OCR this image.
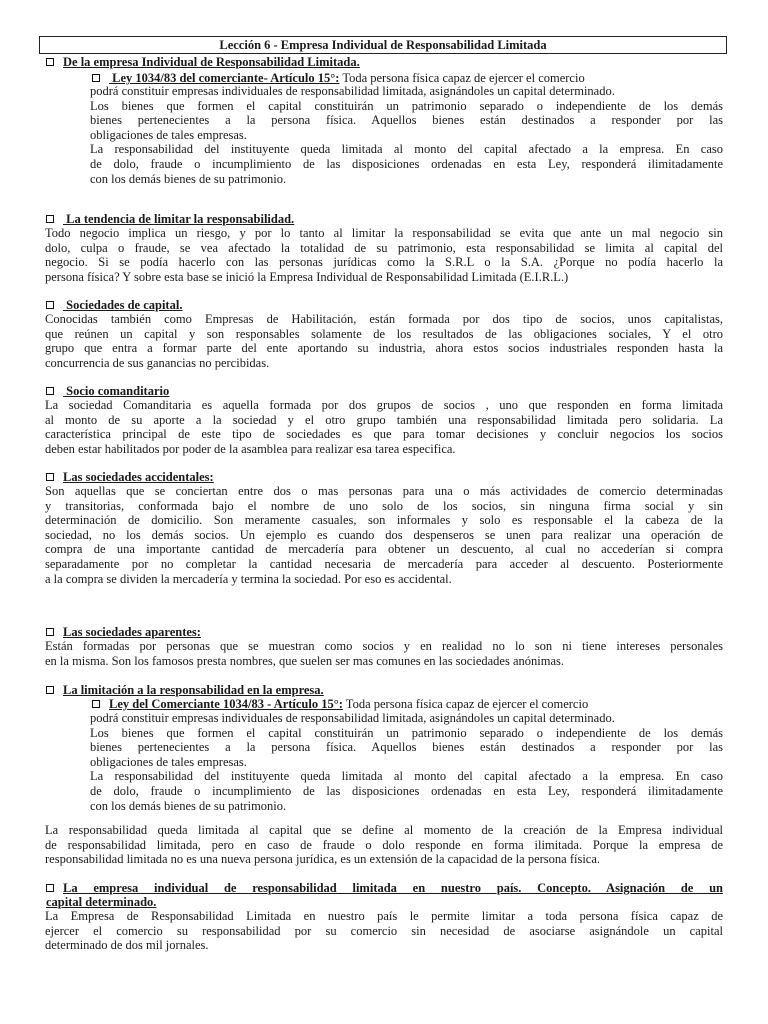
Lección 6 - Empresa Individual de Responsabilidad Limitada
De la empresa Individual de Responsabilidad Limitada.
Ley 1034/83 del comerciante- Artículo 15°: Toda persona física capaz de ejercer el comercio
podrá constituir empresas individuales de responsabilidad limitada, asignándoles un capital determinado.
Los bienes que formen el capital constituirán un patrimonio separado o independiente de los demás
bienes pertenecientes a la persona física. Aquellos bienes están destinados a responder por las
obligaciones de tales empresas.
La responsabilidad del instituyente queda limitada al monto del capital afectado a la empresa. En caso
de dolo, fraude o incumplimiento de las disposiciones ordenadas en esta Ley, responderá ilimitadamente
con los demás bienes de su patrimonio.
La tendencia de limitar la responsabilidad.
Todo negocio implica un riesgo, y por lo tanto al limitar la responsabilidad se evita que ante un mal negocio sin
dolo, culpa o fraude, se vea afectado la totalidad de su patrimonio, esta responsabilidad se limita al capital del
negocio. Si se podía hacerlo con las personas jurídicas como la S.R.L o la S.A. ¿Porque no podía hacerlo la
persona física? Y sobre esta base se inició la Empresa Individual de Responsabilidad Limitada (E.I.R.L.)
Sociedades de capital.
Conocidas también como Empresas de Habilitación, están formada por dos tipo de socios, unos capitalistas,
que reúnen un capital y son responsables solamente de los resultados de las obligaciones sociales, Y el otro
grupo que entra a formar parte del ente aportando su industria, ahora estos socios industriales responden hasta la
concurrencia de sus ganancias no percibidas.
Socio comanditario
La sociedad Comanditaria es aquella formada por dos grupos de socios , uno que responden en forma limitada
al monto de su aporte a la sociedad y el otro grupo también una responsabilidad limitada pero solidaria. La
característica principal de este tipo de sociedades es que para tomar decisiones y concluir negocios los socios
deben estar habilitados por poder de la asamblea para realizar esa tarea especifica.
Las sociedades accidentales:
Son aquellas que se conciertan entre dos o mas personas para una o más actividades de comercio determinadas
y transitorias, conformada bajo el nombre de uno solo de los socios, sin ninguna firma social y sin
determinación de domicilio. Son meramente casuales, son informales y solo es responsable el la cabeza de la
sociedad, no los demás socios. Un ejemplo es cuando dos despenseros se unen para realizar una operación de
compra de una importante cantidad de mercadería para obtener un descuento, al cual no accederían si compra
separadamente por no completar la cantidad necesaria de mercadería para acceder al descuento. Posteriormente
a la compra se dividen la mercadería y termina la sociedad. Por eso es accidental.
Las sociedades aparentes:
Están formadas por personas que se muestran como socios y en realidad no lo son ni tiene intereses personales
en la misma. Son los famosos presta nombres, que suelen ser mas comunes en las sociedades anónimas.
La limitación a la responsabilidad en la empresa.
Ley del Comerciante 1034/83 - Artículo 15°: Toda persona física capaz de ejercer el comercio
podrá constituir empresas individuales de responsabilidad limitada, asignándoles un capital determinado.
Los bienes que formen el capital constituirán un patrimonio separado o independiente de los demás
bienes pertenecientes a la persona física. Aquellos bienes están destinados a responder por las
obligaciones de tales empresas.
La responsabilidad del instituyente queda limitada al monto del capital afectado a la empresa. En caso
de dolo, fraude o incumplimiento de las disposiciones ordenadas en esta Ley, responderá ilimitadamente
con los demás bienes de su patrimonio.
La responsabilidad queda limitada al capital que se define al momento de la creación de la Empresa individual
de responsabilidad limitada, pero en caso de fraude o dolo responde en forma ilimitada. Porque la empresa de
responsabilidad limitada no es una nueva persona jurídica, es un extensión de la capacidad de la persona física.
La empresa individual de responsabilidad limitada en nuestro país. Concepto. Asignación de un
capital determinado.
La Empresa de Responsabilidad Limitada en nuestro país le permite limitar a toda persona física capaz de
ejercer el comercio su responsabilidad por su comercio sin necesidad de asociarse asignándole un capital
determinado de dos mil jornales.
